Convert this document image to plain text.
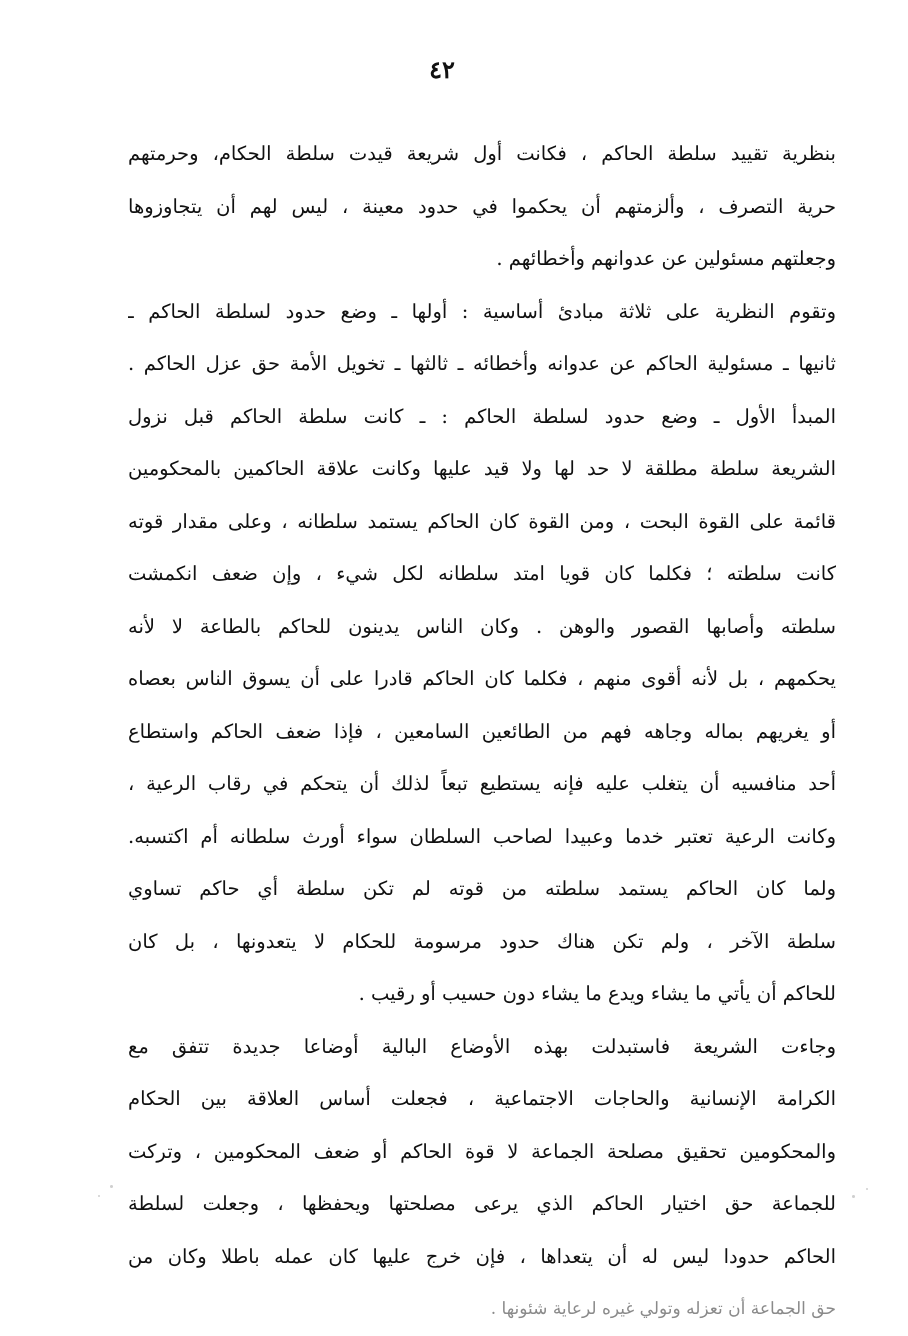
٤٢
بنظرية تقييد سلطة الحاكم ، فكانت أول شريعة قيدت سلطة الحكام، وحرمتهم
حرية التصرف ، وألزمتهم أن يحكموا في حدود معينة ، ليس لهم أن يتجاوزوها
وجعلتهم مسئولين عن عدوانهم وأخطائهم .
وتقوم النظرية على ثلاثة مبادئ أساسية : أولها ـ وضع حدود لسلطة الحاكم ـ
ثانيها ـ مسئولية الحاكم عن عدوانه وأخطائه ـ ثالثها ـ تخويل الأمة حق عزل الحاكم .
المبدأ الأول ـ وضع حدود لسلطة الحاكم : ـ كانت سلطة الحاكم قبل نزول
الشريعة سلطة مطلقة لا حد لها ولا قيد عليها وكانت علاقة الحاكمين بالمحكومين
قائمة على القوة البحت ، ومن القوة كان الحاكم يستمد سلطانه ، وعلى مقدار قوته
كانت سلطته ؛ فكلما كان قويا امتد سلطانه لكل شيء ، وإن ضعف انكمشت
سلطته وأصابها القصور والوهن . وكان الناس يدينون للحاكم بالطاعة لا لأنه
يحكمهم ، بل لأنه أقوى منهم ، فكلما كان الحاكم قادرا على أن يسوق الناس بعصاه
أو يغريهم بماله وجاهه فهم من الطائعين السامعين ، فإذا ضعف الحاكم واستطاع
أحد منافسيه أن يتغلب عليه فإنه يستطيع تبعاً لذلك أن يتحكم في رقاب الرعية ،
وكانت الرعية تعتبر خدما وعبيدا لصاحب السلطان سواء أورث سلطانه أم اكتسبه.
ولما كان الحاكم يستمد سلطته من قوته لم تكن سلطة أي حاكم تساوي
سلطة الآخر ، ولم تكن هناك حدود مرسومة للحكام لا يتعدونها ، بل كان
للحاكم أن يأتي ما يشاء ويدع ما يشاء دون حسيب أو رقيب .
وجاءت الشريعة فاستبدلت بهذه الأوضاع البالية أوضاعا جديدة تتفق مع
الكرامة الإنسانية والحاجات الاجتماعية ، فجعلت أساس العلاقة بين الحكام
والمحكومين تحقيق مصلحة الجماعة لا قوة الحاكم أو ضعف المحكومين ، وتركت
للجماعة حق اختيار الحاكم الذي يرعى مصلحتها ويحفظها ، وجعلت لسلطة
الحاكم حدودا ليس له أن يتعداها ، فإن خرج عليها كان عمله باطلا وكان من
حق الجماعة أن تعزله وتولي غيره لرعاية شئونها .
